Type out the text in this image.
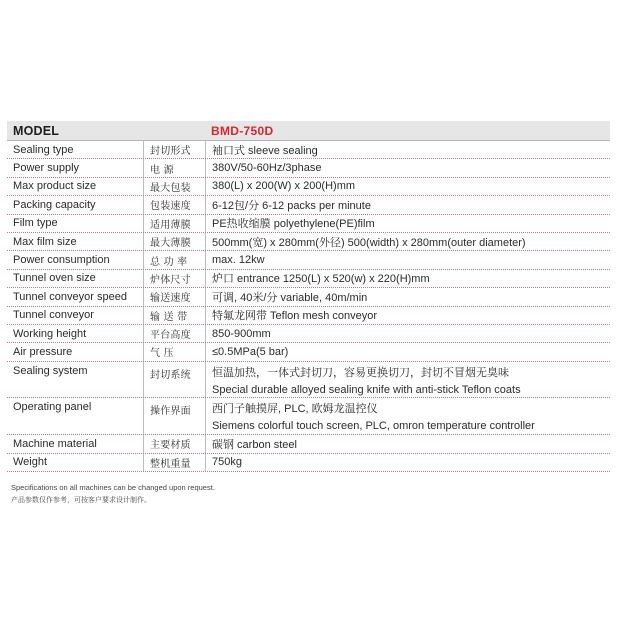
MODEL	BMD-750D
Sealing type	封切形式	袖口式 sleeve sealing
Power supply	电 源	380V/50-60Hz/3phase
Max product size	最大包装	380(L) x 200(W) x 200(H)mm
Packing capacity	包装速度	6-12包/分 6-12 packs per minute
Film type	适用薄膜	PE热收缩膜 polyethylene(PE)film
Max film size	最大薄膜	500mm(宽) x 280mm(外径) 500(width) x 280mm(outer diameter)
Power consumption	总 功 率	max. 12kw
Tunnel oven size	炉体尺寸	炉口 entrance 1250(L) x 520(w) x 220(H)mm
Tunnel conveyor speed	输送速度	可调, 40米/分 variable, 40m/min
Tunnel conveyor	输 送 带	特氟龙网带 Teflon mesh conveyor
Working height	平台高度	850-900mm
Air pressure	气 压	≤0.5MPa(5 bar)
Sealing system	封切系统	恒温加热，一体式封切刀，容易更换切刀，封切不冒烟无臭味
Special durable alloyed sealing knife with anti-stick Teflon coats
Operating panel	操作界面	西门子触摸屏, PLC, 欧姆龙温控仪
Siemens colorful touch screen, PLC, omron temperature controller
Machine material	主要材质	碳钢 carbon steel
Weight	整机重量	750kg
Specifications on all machines can be changed upon request.
产品参数仅作参考，可按客户要求设计制作。
